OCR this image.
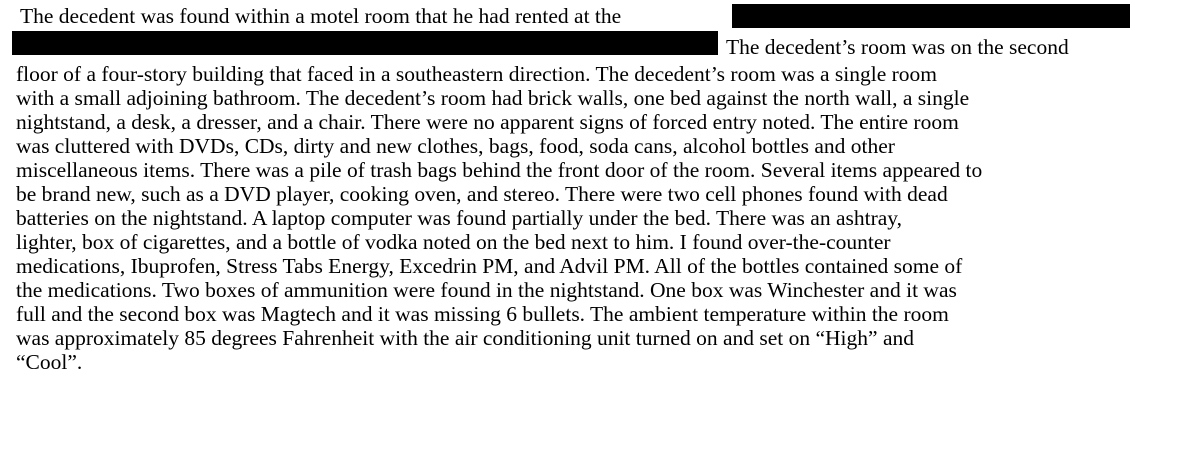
The decedent was found within a motel room that he had rented at the
The decedent’s room was on the second
floor of a four-story building that faced in a southeastern direction. The decedent’s room was a single room
with a small adjoining bathroom. The decedent’s room had brick walls, one bed against the north wall, a single
nightstand, a desk, a dresser, and a chair. There were no apparent signs of forced entry noted. The entire room
was cluttered with DVDs, CDs, dirty and new clothes, bags, food, soda cans, alcohol bottles and other
miscellaneous items. There was a pile of trash bags behind the front door of the room. Several items appeared to
be brand new, such as a DVD player, cooking oven, and stereo. There were two cell phones found with dead
batteries on the nightstand. A laptop computer was found partially under the bed. There was an ashtray,
lighter, box of cigarettes, and a bottle of vodka noted on the bed next to him. I found over-the-counter
medications, Ibuprofen, Stress Tabs Energy, Excedrin PM, and Advil PM. All of the bottles contained some of
the medications. Two boxes of ammunition were found in the nightstand. One box was Winchester and it was
full and the second box was Magtech and it was missing 6 bullets. The ambient temperature within the room
was approximately 85 degrees Fahrenheit with the air conditioning unit turned on and set on “High” and
“Cool”.
